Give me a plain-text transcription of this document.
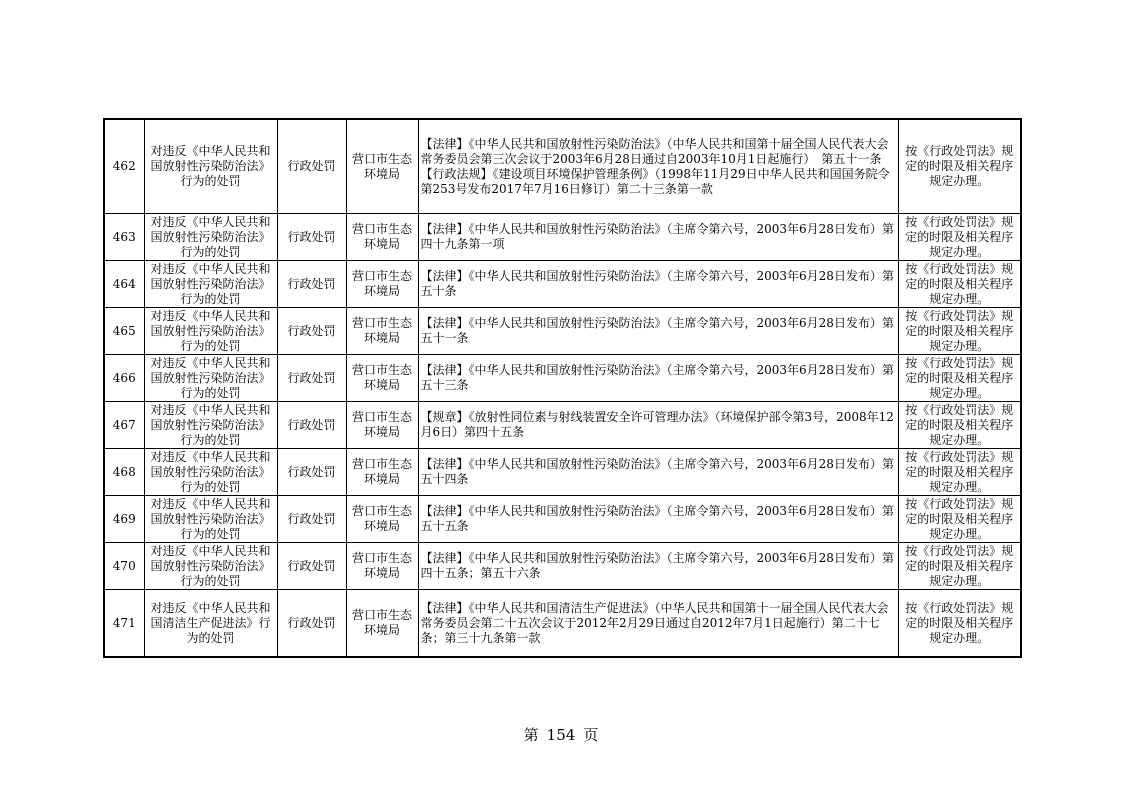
462	对违反《中华人民共和国放射性污染防治法》行为的处罚	行政处罚	营口市生态环境局	【法律】《中华人民共和国放射性污染防治法》（中华人民共和国第十届全国人民代表大会常务委员会第三次会议于2003年6月28日通过自2003年10月1日起施行）　第五十一条
【行政法规】《建设项目环境保护管理条例》（1998年11月29日中华人民共和国国务院令第253号发布2017年7月16日修订）第二十三条第一款	按《行政处罚法》规定的时限及相关程序规定办理。
463	对违反《中华人民共和国放射性污染防治法》行为的处罚	行政处罚	营口市生态环境局	【法律】《中华人民共和国放射性污染防治法》（主席令第六号，2003年6月28日发布）第四十九条第一项	按《行政处罚法》规定的时限及相关程序规定办理。
464	对违反《中华人民共和国放射性污染防治法》行为的处罚	行政处罚	营口市生态环境局	【法律】《中华人民共和国放射性污染防治法》（主席令第六号，2003年6月28日发布）第五十条	按《行政处罚法》规定的时限及相关程序规定办理。
465	对违反《中华人民共和国放射性污染防治法》行为的处罚	行政处罚	营口市生态环境局	【法律】《中华人民共和国放射性污染防治法》（主席令第六号，2003年6月28日发布）第五十一条	按《行政处罚法》规定的时限及相关程序规定办理。
466	对违反《中华人民共和国放射性污染防治法》行为的处罚	行政处罚	营口市生态环境局	【法律】《中华人民共和国放射性污染防治法》（主席令第六号，2003年6月28日发布）第五十三条	按《行政处罚法》规定的时限及相关程序规定办理。
467	对违反《中华人民共和国放射性污染防治法》行为的处罚	行政处罚	营口市生态环境局	【规章】《放射性同位素与射线装置安全许可管理办法》（环境保护部令第3号，2008年12月6日）第四十五条	按《行政处罚法》规定的时限及相关程序规定办理。
468	对违反《中华人民共和国放射性污染防治法》行为的处罚	行政处罚	营口市生态环境局	【法律】《中华人民共和国放射性污染防治法》（主席令第六号，2003年6月28日发布）第五十四条	按《行政处罚法》规定的时限及相关程序规定办理。
469	对违反《中华人民共和国放射性污染防治法》行为的处罚	行政处罚	营口市生态环境局	【法律】《中华人民共和国放射性污染防治法》（主席令第六号，2003年6月28日发布）第五十五条	按《行政处罚法》规定的时限及相关程序规定办理。
470	对违反《中华人民共和国放射性污染防治法》行为的处罚	行政处罚	营口市生态环境局	【法律】《中华人民共和国放射性污染防治法》（主席令第六号，2003年6月28日发布）第四十五条；第五十六条	按《行政处罚法》规定的时限及相关程序规定办理。
471	对违反《中华人民共和国清洁生产促进法》行为的处罚	行政处罚	营口市生态环境局	【法律】《中华人民共和国清洁生产促进法》（中华人民共和国第十一届全国人民代表大会常务委员会第二十五次会议于2012年2月29日通过自2012年7月1日起施行）第二十七条；第三十九条第一款	按《行政处罚法》规定的时限及相关程序规定办理。
第 154 页
